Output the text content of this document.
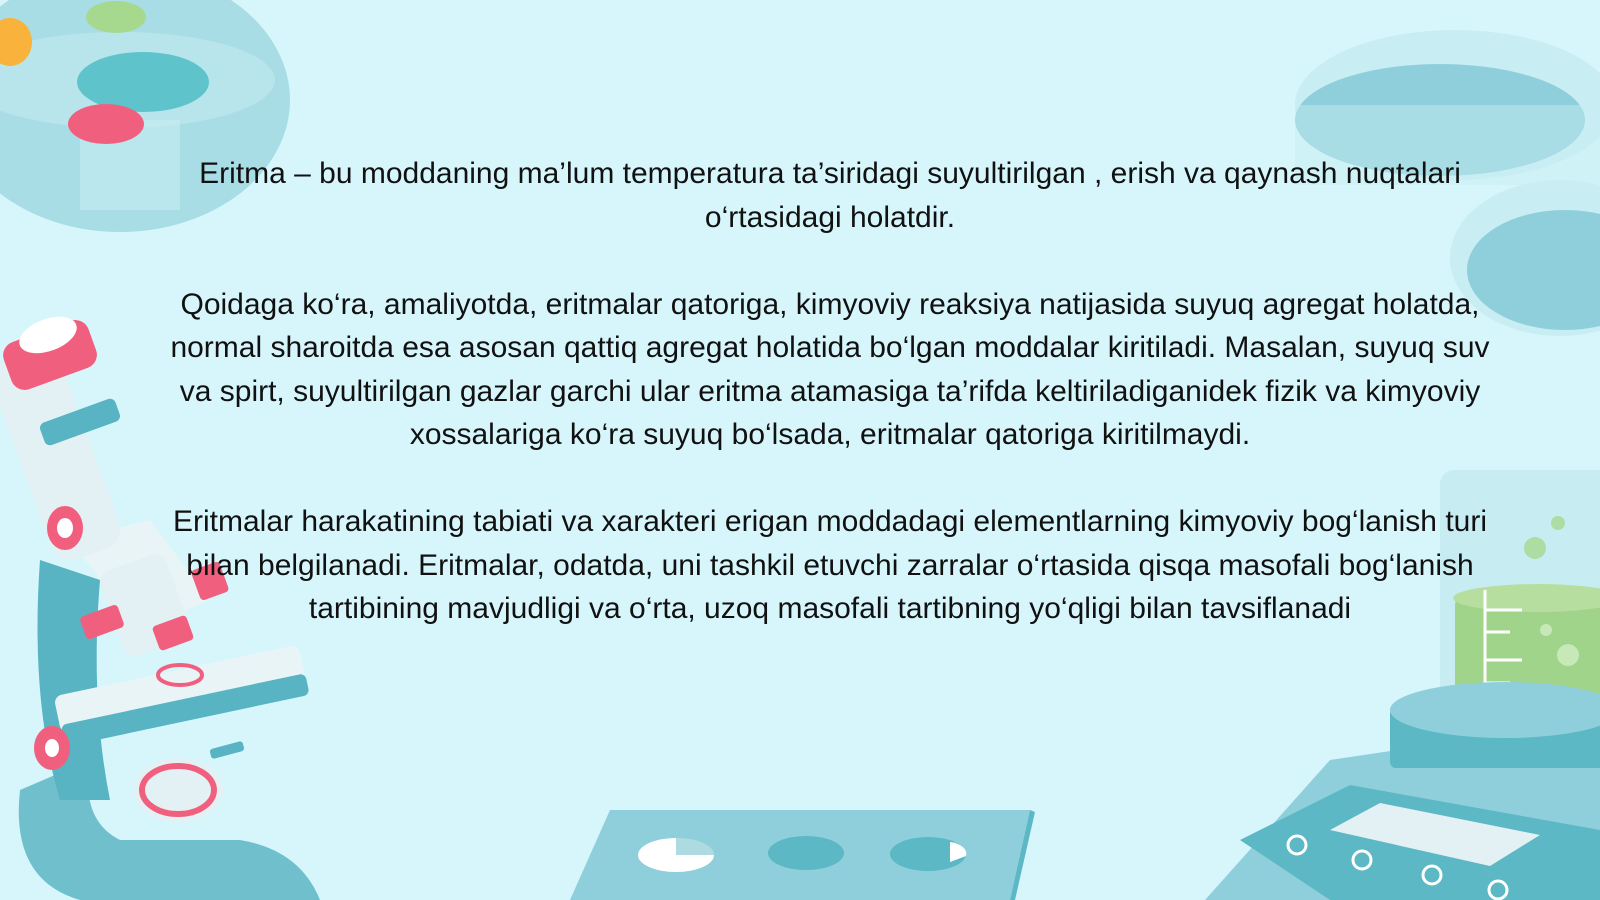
Eritma – bu moddaning ma’lum temperatura ta’siridagi suyultirilgan , erish va qaynash nuqtalari o‘rtasidagi holatdir.

Qoidaga ko‘ra, amaliyotda, eritmalar qatoriga, kimyoviy reaksiya natijasida suyuq agregat holatda, normal sharoitda esa asosan qattiq agregat holatida bo‘lgan moddalar kiritiladi. Masalan, suyuq suv va spirt, suyultirilgan gazlar garchi ular eritma atamasiga ta’rifda keltiriladiganidek fizik va kimyoviy xossalariga ko‘ra suyuq bo‘lsada, eritmalar qatoriga kiritilmaydi.

Eritmalar harakatining tabiati va xarakteri erigan moddadagi elementlarning kimyoviy bog‘lanish turi bilan belgilanadi. Eritmalar, odatda, uni tashkil etuvchi zarralar o‘rtasida qisqa masofali bog‘lanish tartibining mavjudligi va o‘rta, uzoq masofali tartibning yo‘qligi bilan tavsiflanadi
